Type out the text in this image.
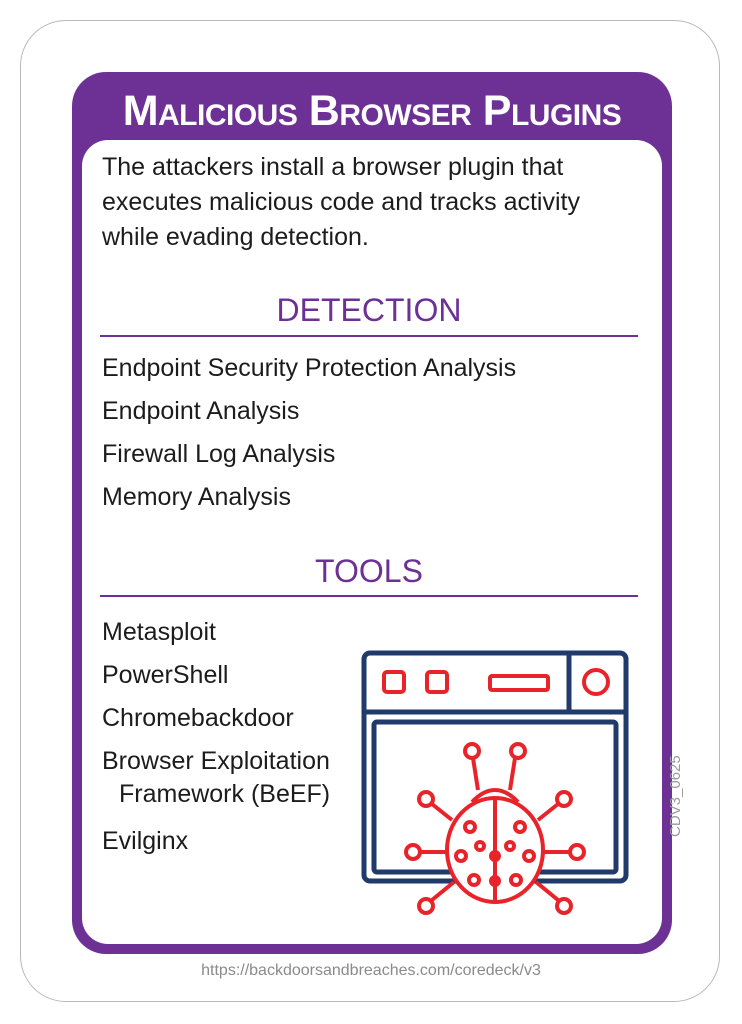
Malicious Browser Plugins

The attackers install a browser plugin that executes malicious code and tracks activity while evading detection.

DETECTION
Endpoint Security Protection Analysis
Endpoint Analysis
Firewall Log Analysis
Memory Analysis
TOOLS
Metasploit
PowerShell
Chromebackdoor
Browser Exploitation
Framework (BeEF)
Evilginx
CDV3_0625
https://backdoorsandbreaches.com/coredeck/v3
